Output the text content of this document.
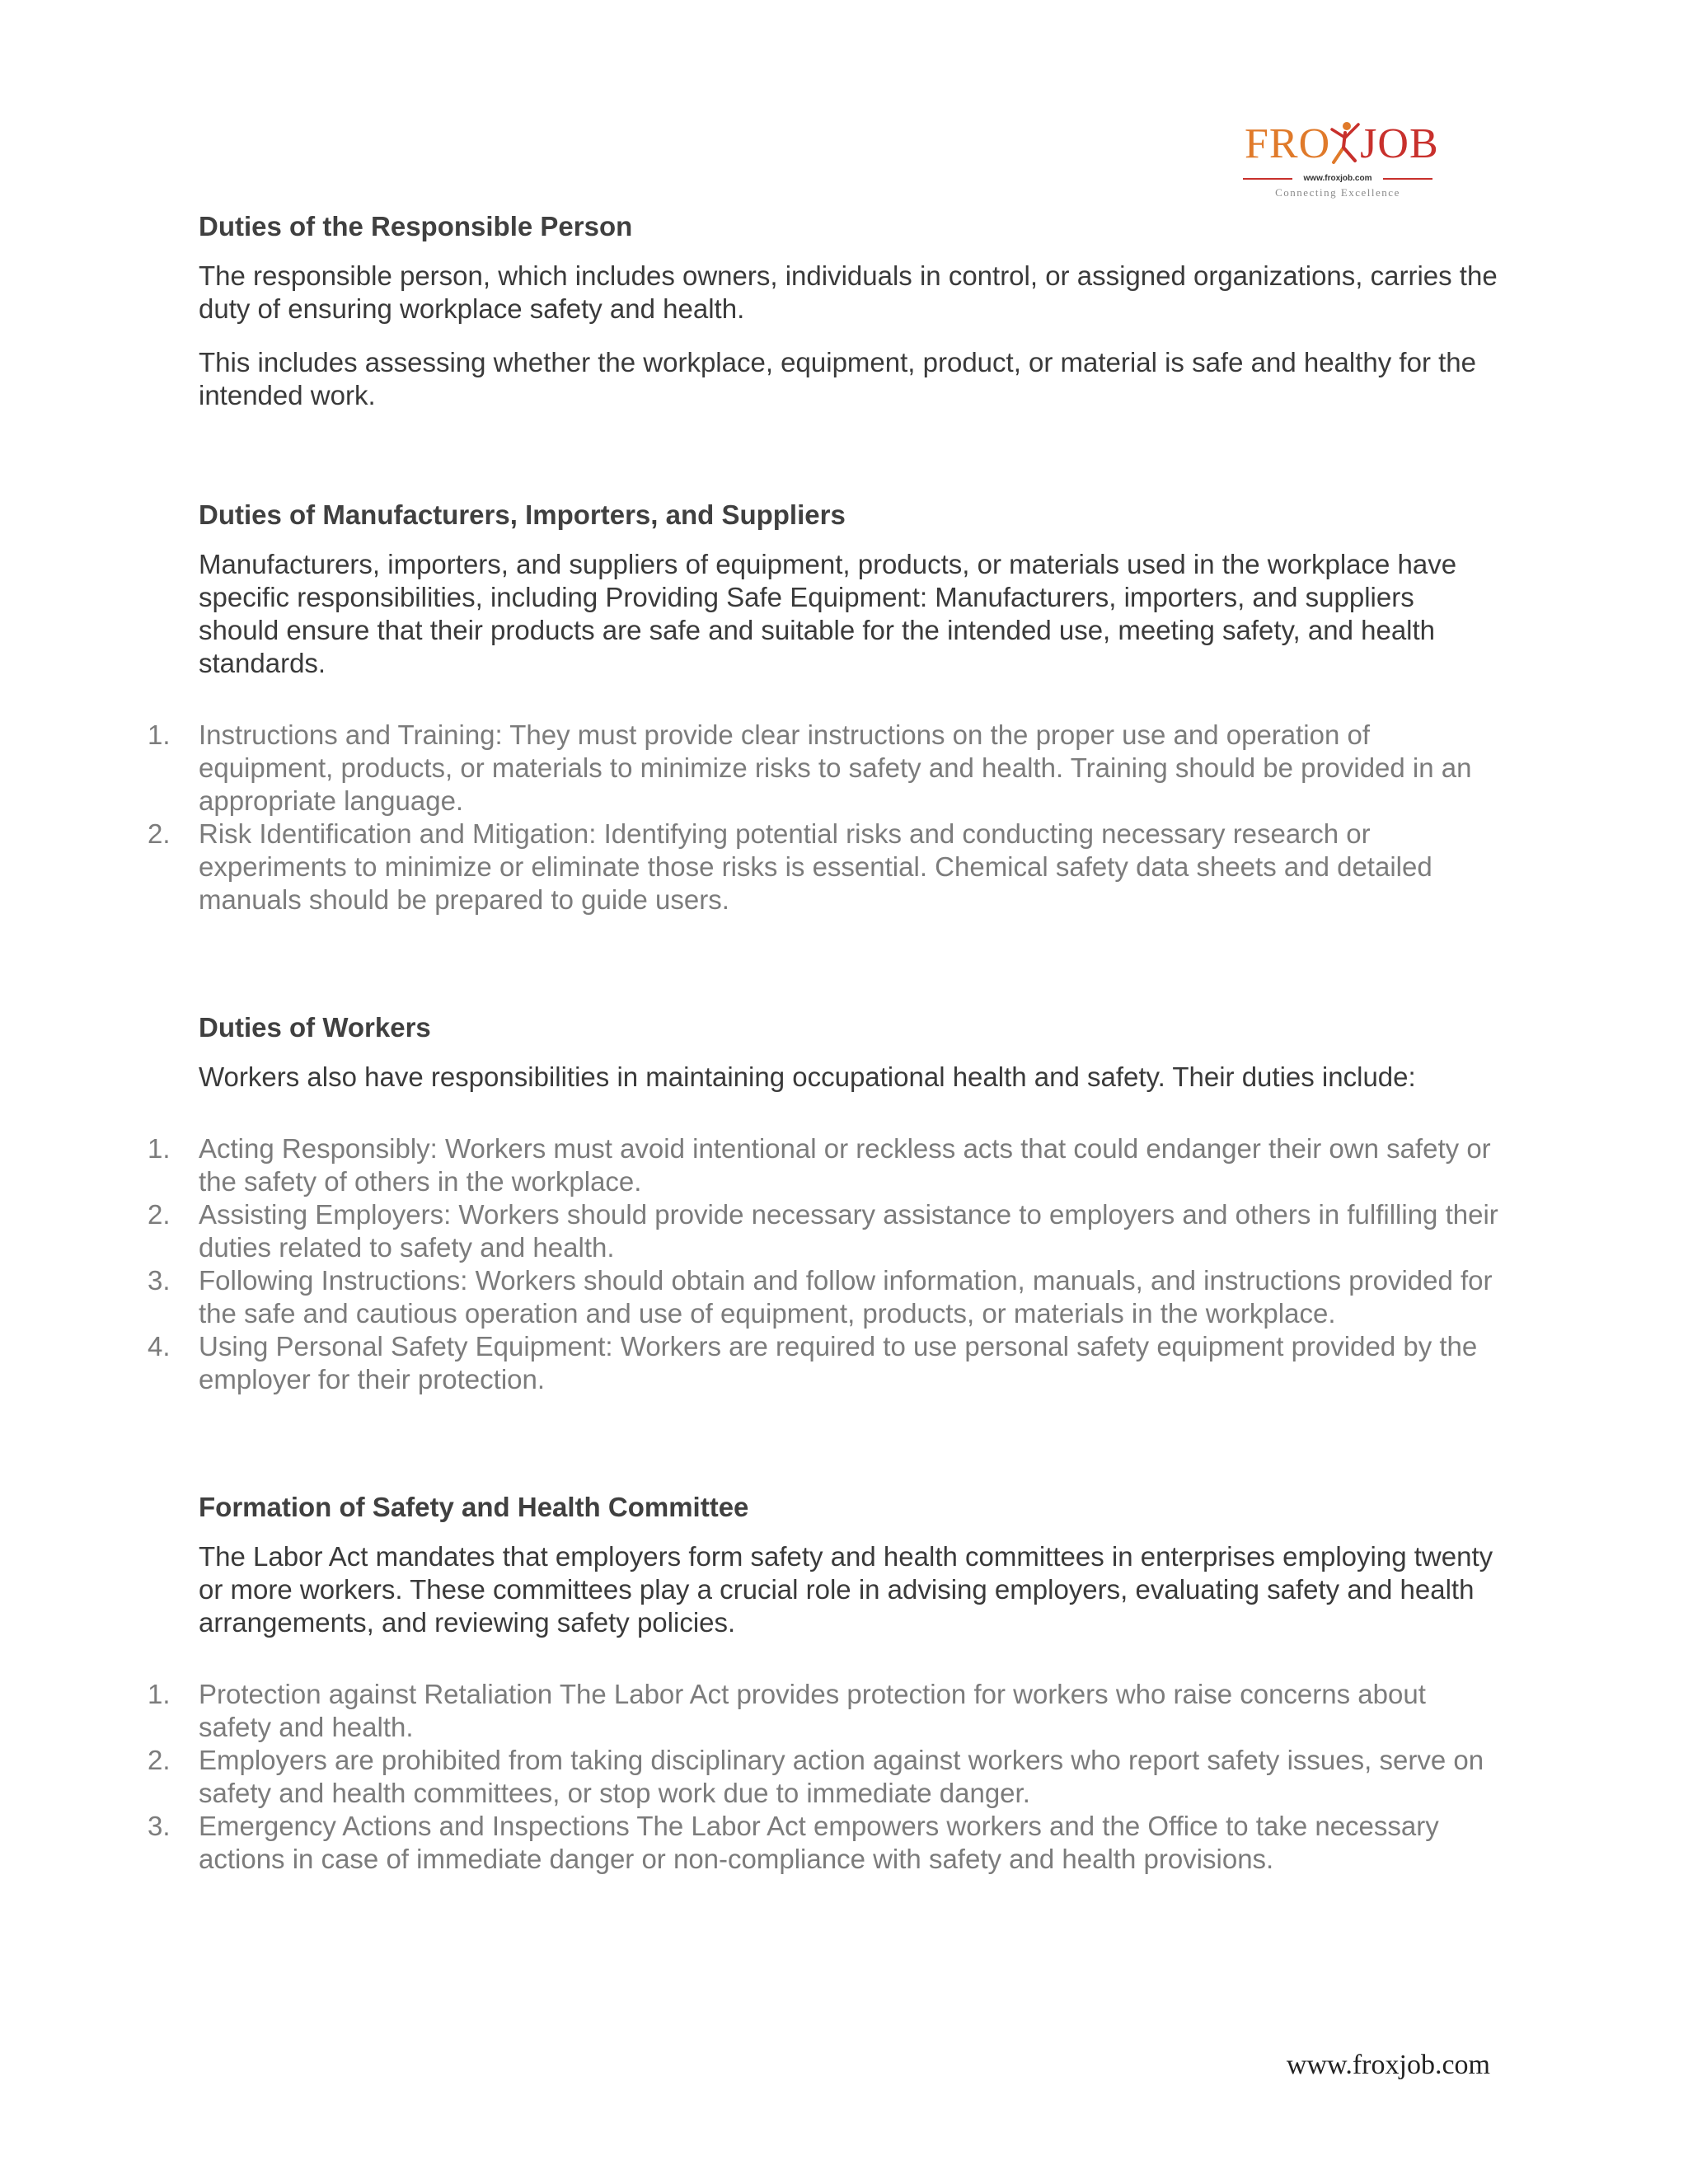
FRO JOB
www.froxjob.com
Connecting Excellence
Duties of the Responsible Person

The responsible person, which includes owners, individuals in control, or assigned organizations, carries the duty of ensuring workplace safety and health.

This includes assessing whether the workplace, equipment, product, or material is safe and healthy for the intended work.

Duties of Manufacturers, Importers, and Suppliers

Manufacturers, importers, and suppliers of equipment, products, or materials used in the workplace have specific responsibilities, including Providing Safe Equipment: Manufacturers, importers, and suppliers should ensure that their products are safe and suitable for the intended use, meeting safety, and health standards.

1.	Instructions and Training: They must provide clear instructions on the proper use and operation of equipment, products, or materials to minimize risks to safety and health. Training should be provided in an appropriate language.
2.	Risk Identification and Mitigation: Identifying potential risks and conducting necessary research or experiments to minimize or eliminate those risks is essential. Chemical safety data sheets and detailed manuals should be prepared to guide users.
Duties of Workers

Workers also have responsibilities in maintaining occupational health and safety. Their duties include:

1.	Acting Responsibly: Workers must avoid intentional or reckless acts that could endanger their own safety or the safety of others in the workplace.
2.	Assisting Employers: Workers should provide necessary assistance to employers and others in fulfilling their duties related to safety and health.
3.	Following Instructions: Workers should obtain and follow information, manuals, and instructions provided for the safe and cautious operation and use of equipment, products, or materials in the workplace.
4.	Using Personal Safety Equipment: Workers are required to use personal safety equipment provided by the employer for their protection.
Formation of Safety and Health Committee

The Labor Act mandates that employers form safety and health committees in enterprises employing twenty or more workers. These committees play a crucial role in advising employers, evaluating safety and health arrangements, and reviewing safety policies.

1.	Protection against Retaliation The Labor Act provides protection for workers who raise concerns about safety and health.
2.	Employers are prohibited from taking disciplinary action against workers who report safety issues, serve on safety and health committees, or stop work due to immediate danger.
3.	Emergency Actions and Inspections The Labor Act empowers workers and the Office to take necessary actions in case of immediate danger or non-compliance with safety and health provisions.
www.froxjob.com
